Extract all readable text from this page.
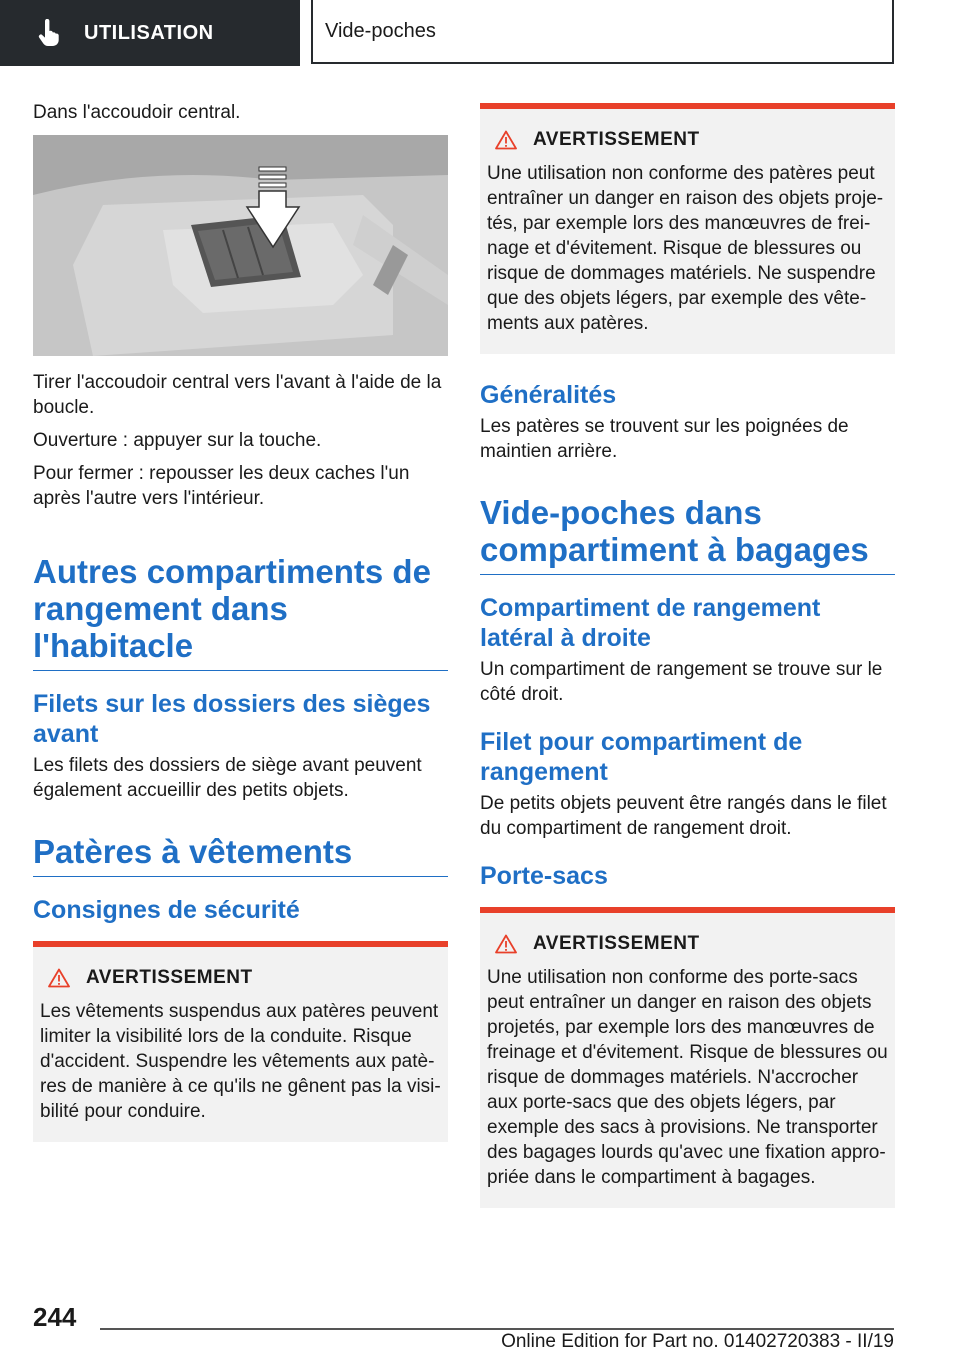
UTILISATION	Vide-poches

Dans l'accoudoir central.

Tirer l'accoudoir central vers l'avant à l'aide de la boucle.

Ouverture : appuyer sur la touche.

Pour fermer : repousser les deux caches l'un après l'autre vers l'intérieur.

Autres compartiments de rangement dans l'habitacle
Filets sur les dossiers des sièges avant

Les filets des dossiers de siège avant peuvent également accueillir des petits objets.

Patères à vêtements
Consignes de sécurité
AVERTISSEMENT

Les vêtements suspendus aux patères peuvent limiter la visibilité lors de la conduite. Risque d'accident. Suspendre les vêtements aux patères de manière à ce qu'ils ne gênent pas la visibilité pour conduire.

AVERTISSEMENT

Une utilisation non conforme des patères peut entraîner un danger en raison des objets projetés, par exemple lors des manœuvres de freinage et d'évitement. Risque de blessures ou risque de dommages matériels. Ne suspendre que des objets légers, par exemple des vêtements aux patères.

Généralités

Les patères se trouvent sur les poignées de maintien arrière.

Vide-poches dans compartiment à bagages
Compartiment de rangement latéral à droite

Un compartiment de rangement se trouve sur le côté droit.

Filet pour compartiment de rangement

De petits objets peuvent être rangés dans le filet du compartiment de rangement droit.

Porte-sacs
AVERTISSEMENT

Une utilisation non conforme des porte-sacs peut entraîner un danger en raison des objets projetés, par exemple lors des manœuvres de freinage et d'évitement. Risque de blessures ou risque de dommages matériels. N'accrocher aux porte-sacs que des objets légers, par exemple des sacs à provisions. Ne transporter des bagages lourds qu'avec une fixation appropriée dans le compartiment à bagages.

244
Online Edition for Part no. 01402720383 - II/19
